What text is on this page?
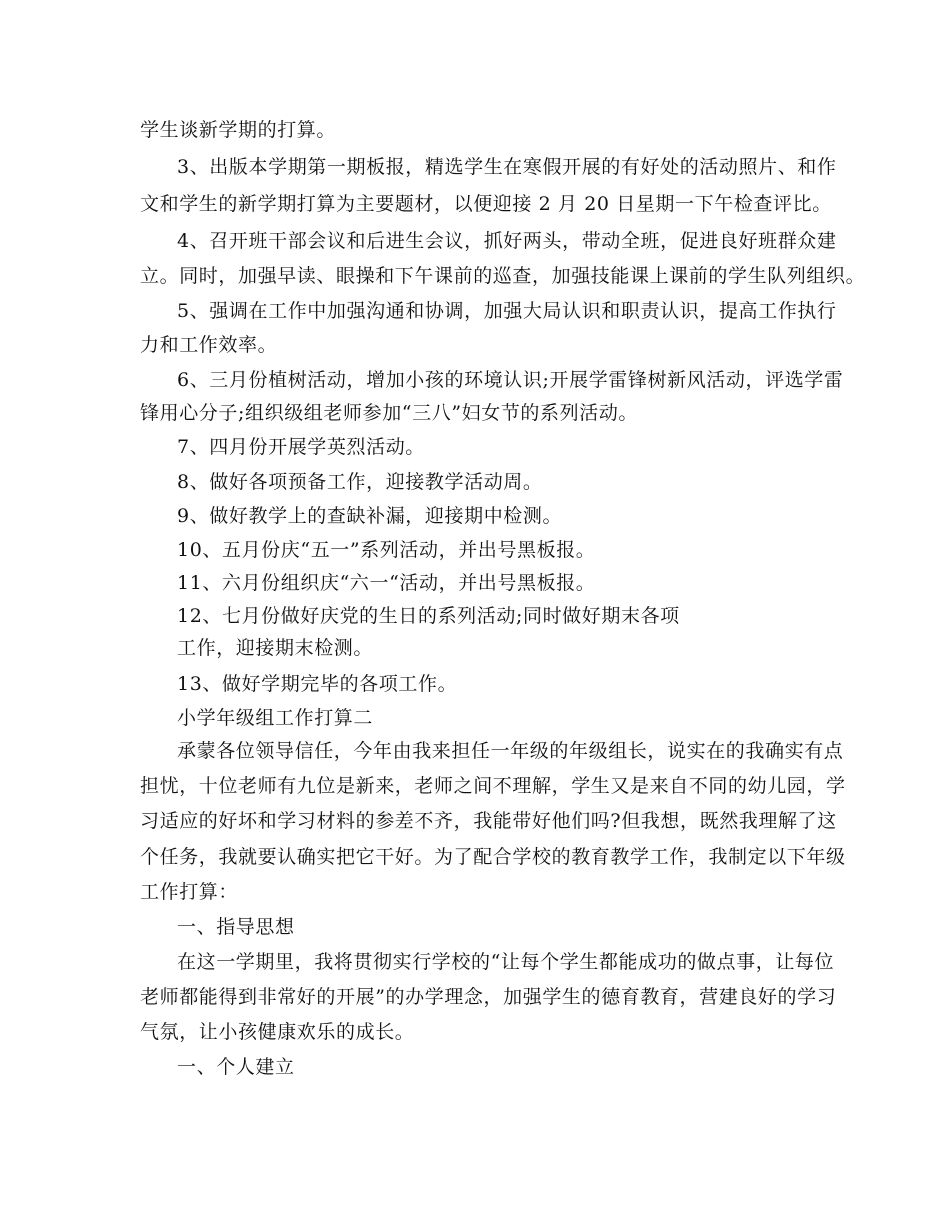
学生谈新学期的打算。
3、出版本学期第一期板报，精选学生在寒假开展的有好处的活动照片、和作
文和学生的新学期打算为主要题材，以便迎接 2 月 20 日星期一下午检查评比。
4、召开班干部会议和后进生会议，抓好两头，带动全班，促进良好班群众建
立。同时，加强早读、眼操和下午课前的巡查，加强技能课上课前的学生队列组织。
5、强调在工作中加强沟通和协调，加强大局认识和职责认识，提高工作执行
力和工作效率。
6、三月份植树活动，增加小孩的环境认识;开展学雷锋树新风活动，评选学雷
锋用心分子;组织级组老师参加“三八”妇女节的系列活动。
7、四月份开展学英烈活动。
8、做好各项预备工作，迎接教学活动周。
9、做好教学上的查缺补漏，迎接期中检测。
10、五月份庆“五一”系列活动，并出号黑板报。
11、六月份组织庆“六一“活动，并出号黑板报。
12、七月份做好庆党的生日的系列活动;同时做好期末各项
工作，迎接期末检测。
13、做好学期完毕的各项工作。
小学年级组工作打算二
承蒙各位领导信任，今年由我来担任一年级的年级组长，说实在的我确实有点
担忧，十位老师有九位是新来，老师之间不理解，学生又是来自不同的幼儿园，学
习适应的好坏和学习材料的参差不齐，我能带好他们吗?但我想，既然我理解了这
个任务，我就要认确实把它干好。为了配合学校的教育教学工作，我制定以下年级
工作打算：
一、指导思想
在这一学期里，我将贯彻实行学校的“让每个学生都能成功的做点事，让每位
老师都能得到非常好的开展”的办学理念，加强学生的德育教育，营建良好的学习
气氛，让小孩健康欢乐的成长。
一、个人建立
